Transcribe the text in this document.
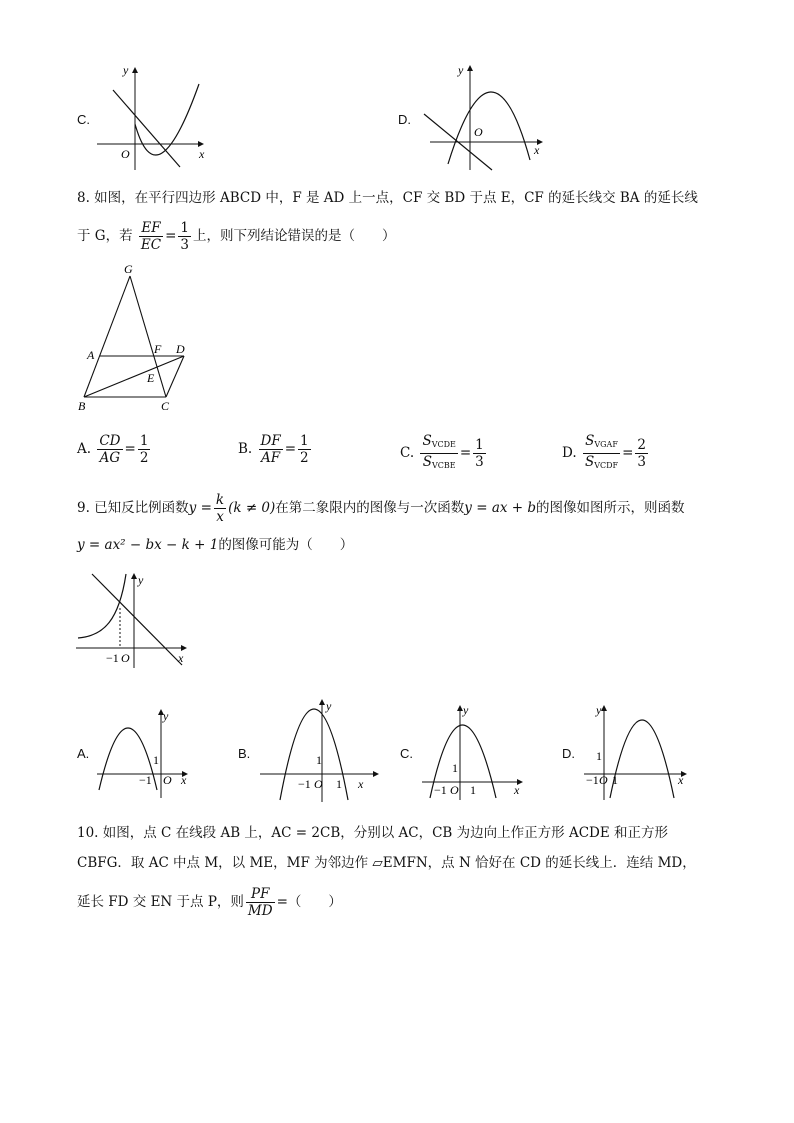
C.
x
y
O
D.
x
y
O
8. 如图，在平行四边形 ABCD 中，F 是 AD 上一点，CF 交 BD 于点 E，CF 的延长线交 BA 的延长线
于 G，若 $\frac{EF}{EC} = \frac{1}{3}$ 上，则下列结论错误的是（　　）
G
A	F D
E
B	C
A. $\frac{CD}{AG} = \frac{1}{2}$	B. $\frac{DF}{AF} = \frac{1}{2}$	C. $\frac{S_{VCDE}}{S_{VCBE}} = \frac{1}{3}$	D. $\frac{S_{VGAF}}{S_{VCDF}} = \frac{2}{3}$
9. 已知反比例函数$y = \frac{k}{x} (k \ne 0)$在第二象限内的图像与一次函数y = ax + b的图像如图所示，则函数
y = ax² − bx − k + 1的图像可能为（　　）
x
y
−1 O
A.
y
1
−1 O x
B.
y
1
−1 O 1 x
C.
y
1
−1 O 1	x
D.
y
1
−1 O 1	x
10. 如图，点 C 在线段 AB 上，AC = 2CB，分别以 AC，CB 为边向上作正方形 ACDE 和正方形
CBFG．取 AC 中点 M，以 ME，MF 为邻边作 ▱EMFN，点 N 恰好在 CD 的延长线上．连结 MD，
延长 FD 交 EN 于点 P，则 $\frac{PF}{MD}$ =（　　）
